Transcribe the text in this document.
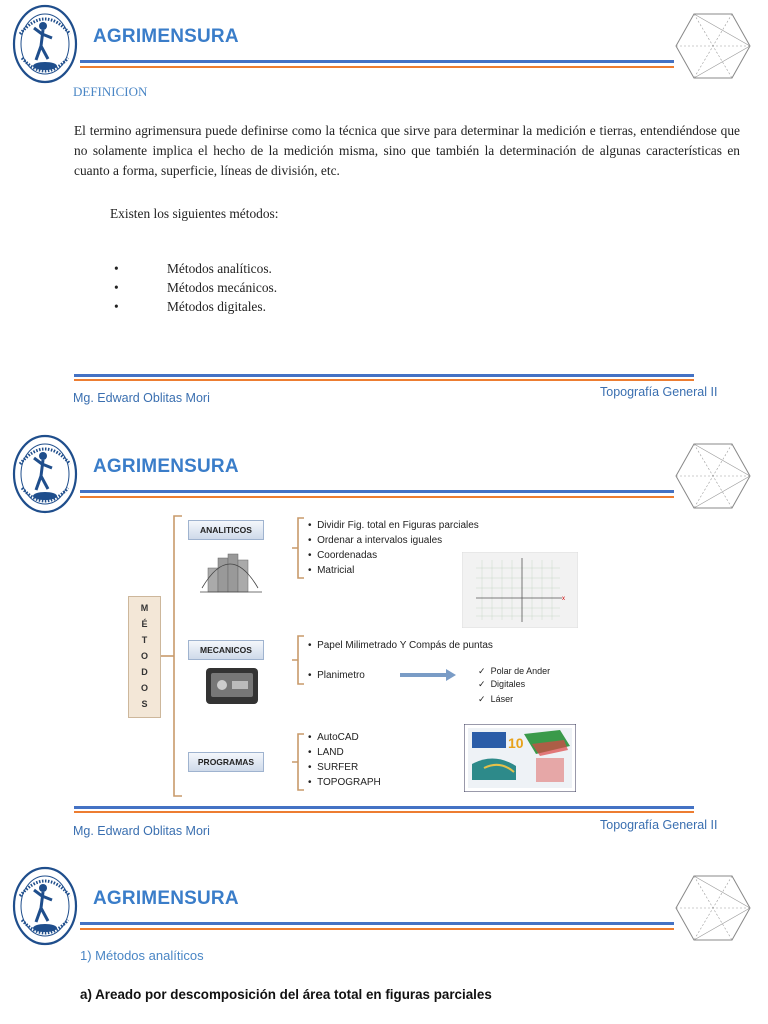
AGRIMENSURA
DEFINICION
El termino agrimensura puede definirse como la técnica que sirve para determinar la medición e tierras, entendiéndose que no solamente implica el hecho de la medición misma, sino que también la determinación de algunas características en cuanto a forma, superficie, líneas de división, etc.
Existen los siguientes métodos:
•	Métodos analíticos.
•	Métodos mecánicos.
•	Métodos digitales.
Mg. Edward Oblitas Mori	Topografía General II
AGRIMENSURA
M
É
T
O
D
O
S
ANALITICOS	•  Dividir Fig. total en Figuras parciales
•  Ordenar a intervalos iguales
•  Coordenadas
•  Matricial
x
MECANICOS	•  Papel Milimetrado Y Compás de puntas
•  Planimetro	✓ Polar de Ander
✓ Digitales
✓ Láser
PROGRAMAS
•  AutoCAD
•  LAND
•  SURFER
•  TOPOGRAPH
10
Mg. Edward Oblitas Mori	Topografía General II
AGRIMENSURA
1) Métodos analíticos
a) Areado por descomposición del área total en figuras parciales
